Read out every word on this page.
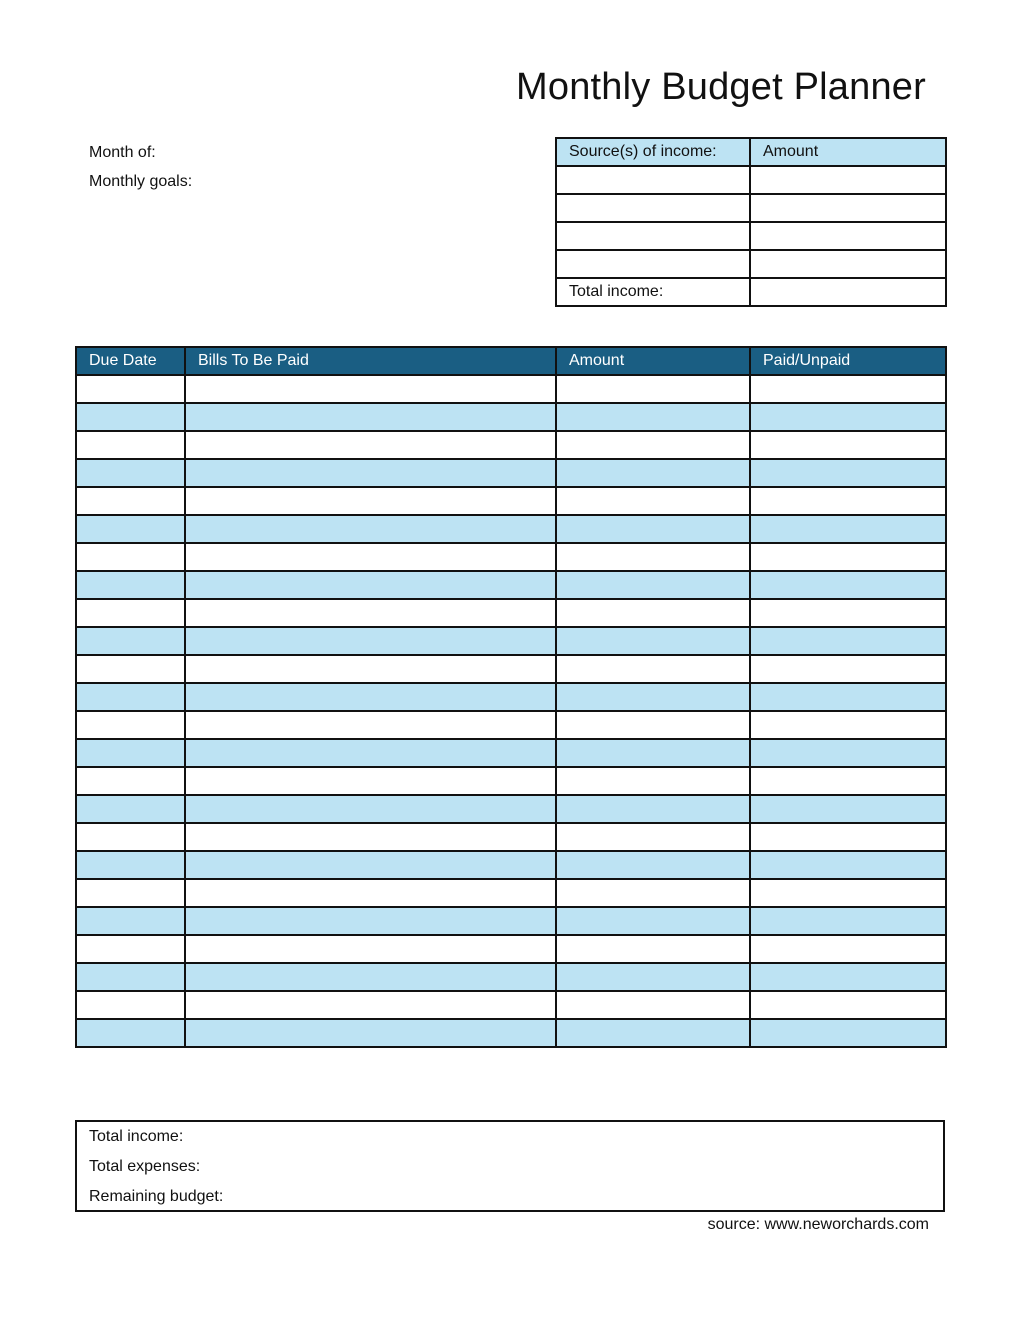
Monthly Budget Planner
Month of:
Monthly goals:
Source(s) of income:	Amount

Total income:	
Due Date	Bills To Be Paid	Amount	Paid/Unpaid

Total income:
Total expenses:
Remaining budget:
source: www.neworchards.com
